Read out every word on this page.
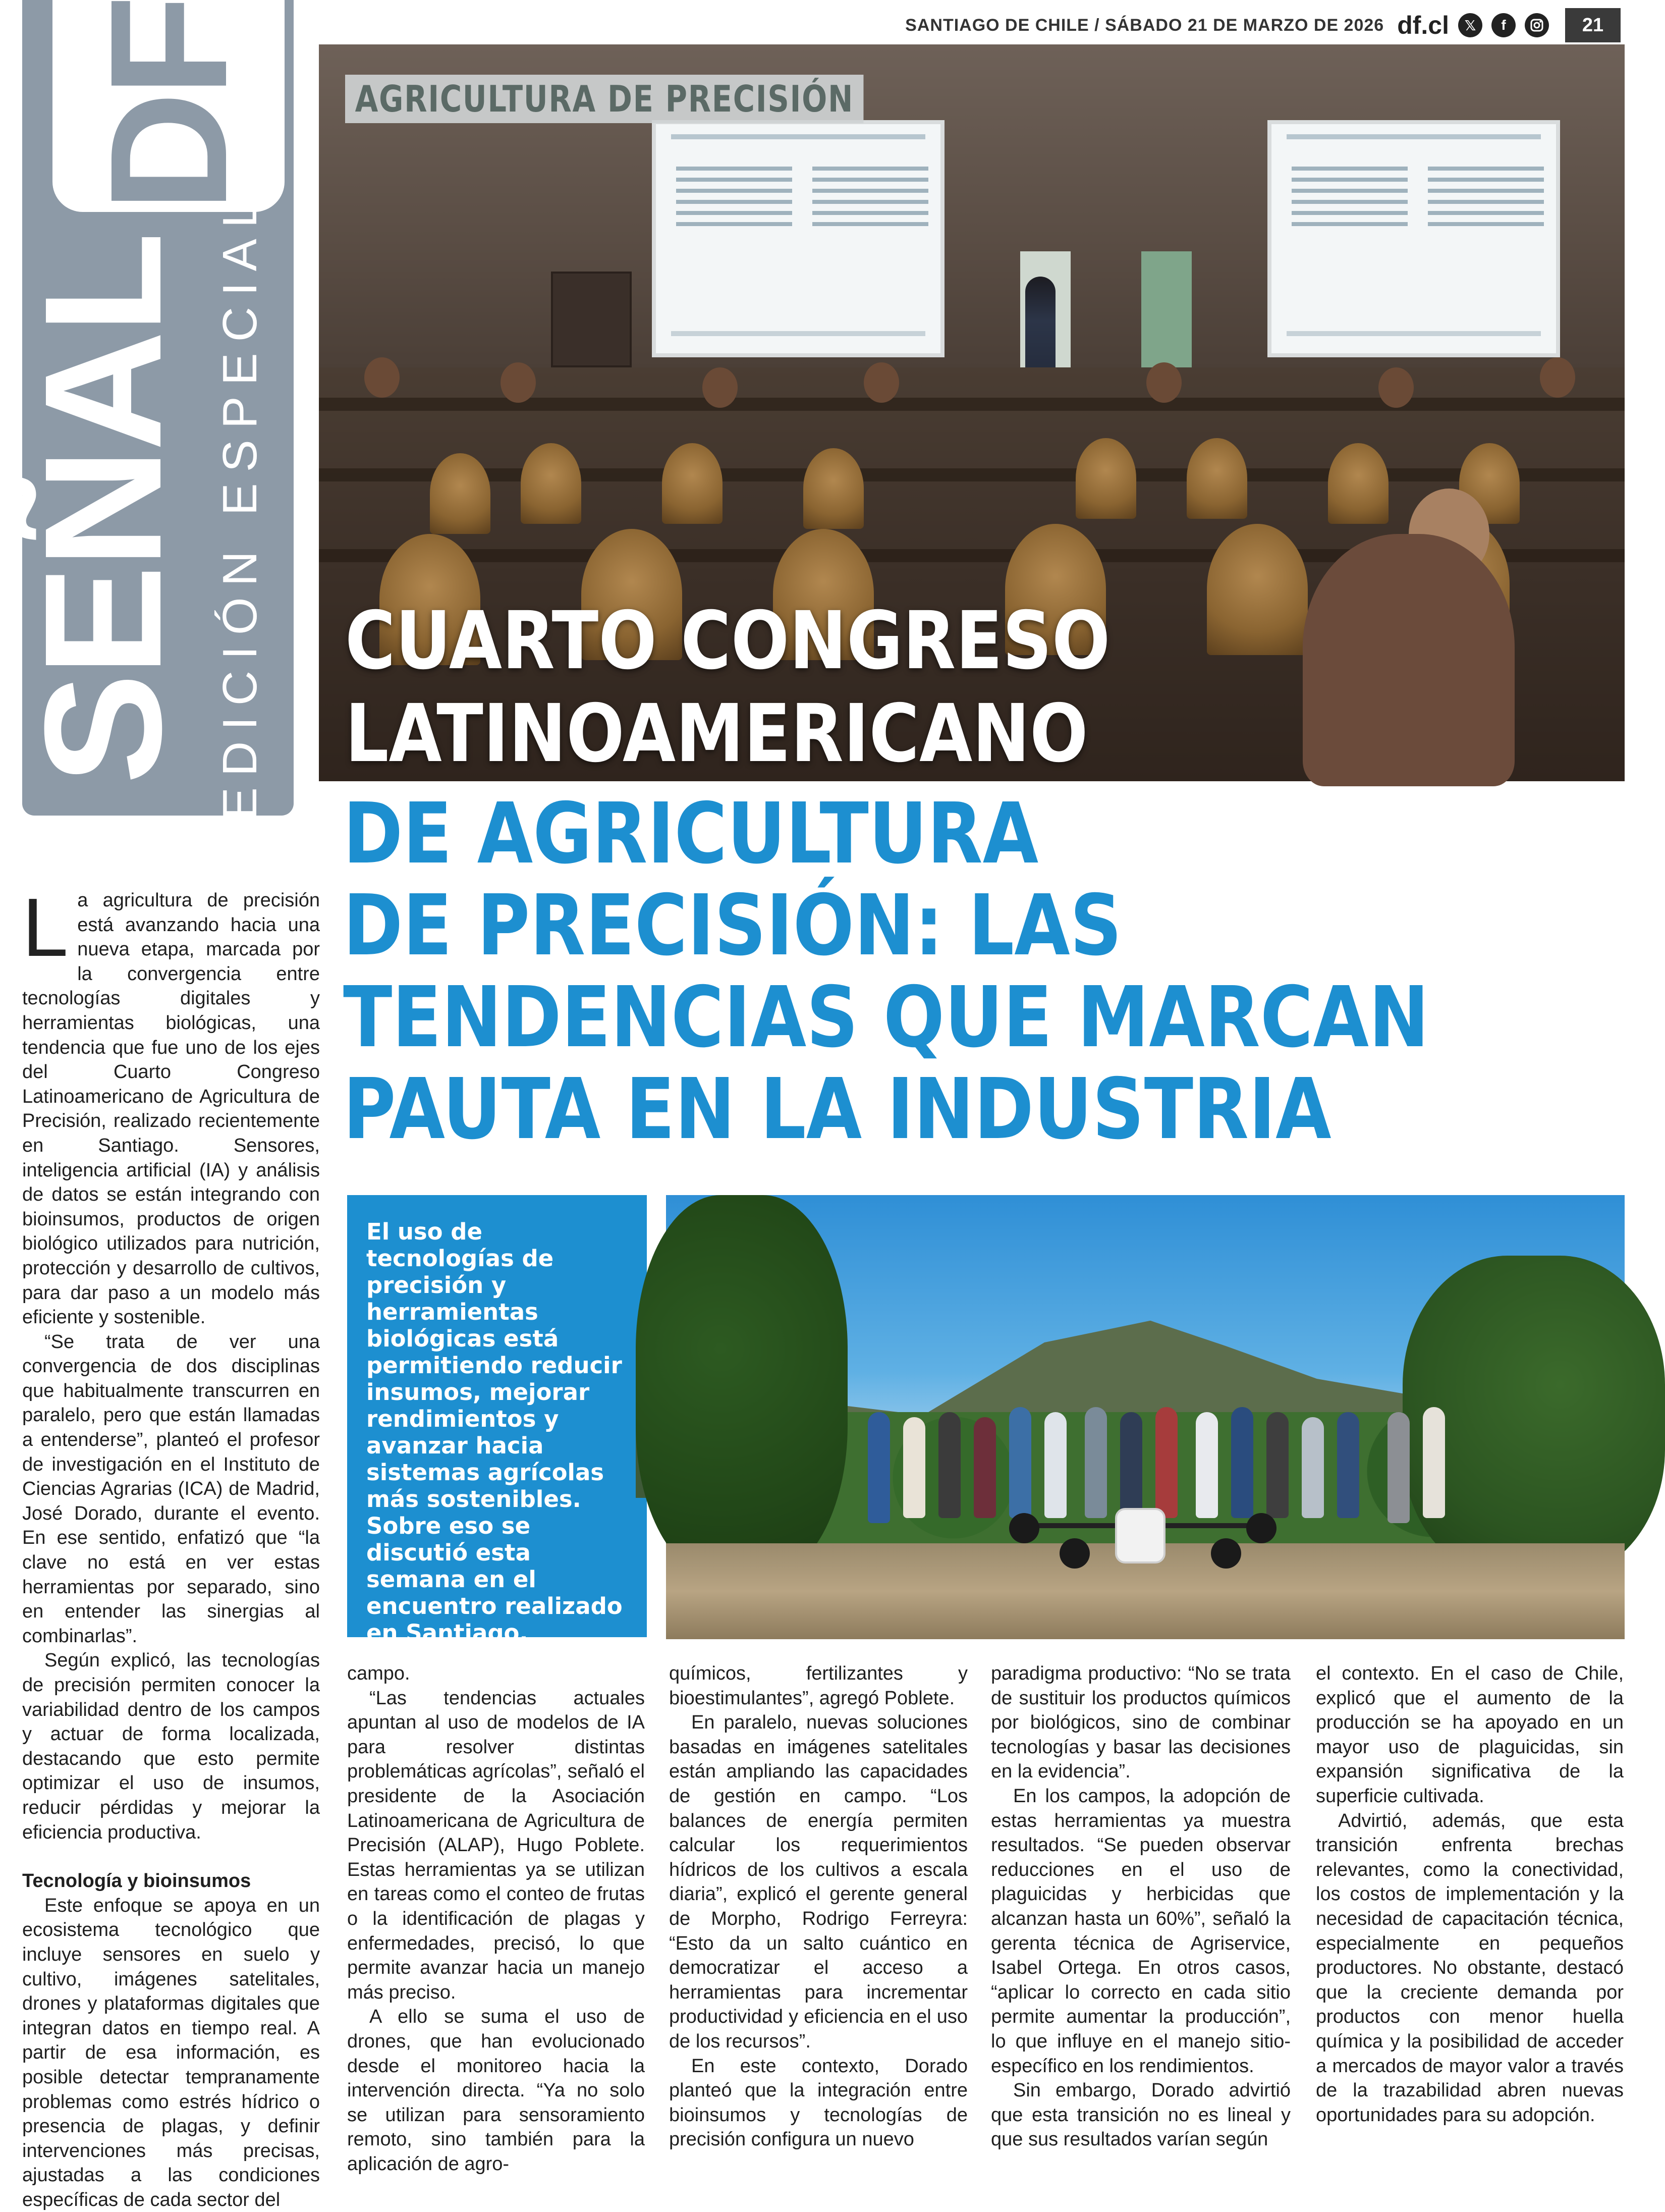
SANTIAGO DE CHILE / SÁBADO 21 DE MARZO DE 2026 df.cl	𝕏	f	21
DF
SEÑAL EDICIÓN ESPECIAL
AGRICULTURA DE PRECISIÓN
CUARTO CONGRESO
LATINOAMERICANO
DE AGRICULTURA
DE PRECISIÓN: LAS
TENDENCIAS QUE MARCAN
PAUTA EN LA INDUSTRIA
El uso de tecnologías de precisión y herramientas biológicas está permitiendo reducir insumos, mejorar rendimientos y avanzar hacia sistemas agrícolas más sostenibles. Sobre eso se discutió esta semana en el encuentro realizado en Santiago.
POR ANAÍS PERSSON

La agricultura de precisión está avanzando hacia una nueva etapa, marcada por la convergencia entre tecnologías digitales y herramientas biológicas, una tendencia que fue uno de los ejes del Cuarto Congreso Latinoamericano de Agricultura de Precisión, realizado recientemente en Santiago. Sensores, inteligencia artificial (IA) y análisis de datos se están integrando con bioinsumos, productos de origen biológico utilizados para nutrición, protección y desarrollo de cultivos, para dar paso a un modelo más eficiente y sostenible.

“Se trata de ver una convergencia de dos disciplinas que habitualmente transcurren en paralelo, pero que están llamadas a entenderse”, planteó el profesor de investigación en el Instituto de Ciencias Agrarias (ICA) de Madrid, José Dorado, durante el evento. En ese sentido, enfatizó que “la clave no está en ver estas herramientas por separado, sino en entender las sinergias al combinarlas”.

Según explicó, las tecnologías de precisión permiten conocer la variabilidad dentro de los campos y actuar de forma localizada, destacando que esto permite optimizar el uso de insumos, reducir pérdidas y mejorar la eficiencia productiva.

Tecnología y bioinsumos

Este enfoque se apoya en un ecosistema tecnológico que incluye sensores en suelo y cultivo, imágenes satelitales, drones y plataformas digitales que integran datos en tiempo real. A partir de esa información, es posible detectar tempranamente problemas como estrés hídrico o presencia de plagas, y definir intervenciones más precisas, ajustadas a las condiciones específicas de cada sector del

campo.

“Las tendencias actuales apuntan al uso de modelos de IA para resolver distintas problemáticas agrícolas”, señaló el presidente de la Asociación Latinoamericana de Agricultura de Precisión (ALAP), Hugo Poblete. Estas herramientas ya se utilizan en tareas como el conteo de frutas o la identificación de plagas y enfermedades, precisó, lo que permite avanzar hacia un manejo más preciso.

A ello se suma el uso de drones, que han evolucionado desde el monitoreo hacia la intervención directa. “Ya no solo se utilizan para sensoramiento remoto, sino también para la aplicación de agro-

químicos, fertilizantes y bioestimulantes”, agregó Poblete.

En paralelo, nuevas soluciones basadas en imágenes satelitales están ampliando las capacidades de gestión en campo. “Los balances de energía permiten calcular los requerimientos hídricos de los cultivos a escala diaria”, explicó el gerente general de Morpho, Rodrigo Ferreyra: “Esto da un salto cuántico en democratizar el acceso a herramientas para incrementar productividad y eficiencia en el uso de los recursos”.

En este contexto, Dorado planteó que la integración entre bioinsumos y tecnologías de precisión configura un nuevo

paradigma productivo: “No se trata de sustituir los productos químicos por biológicos, sino de combinar tecnologías y basar las decisiones en la evidencia”.

En los campos, la adopción de estas herramientas ya muestra resultados. “Se pueden observar reducciones en el uso de plaguicidas y herbicidas que alcanzan hasta un 60%”, señaló la gerenta técnica de Agriservice, Isabel Ortega. En otros casos, “aplicar lo correcto en cada sitio permite aumentar la producción”, lo que influye en el manejo sitio-específico en los rendimientos.

Sin embargo, Dorado advirtió que esta transición no es lineal y que sus resultados varían según

el contexto. En el caso de Chile, explicó que el aumento de la producción se ha apoyado en un mayor uso de plaguicidas, sin expansión significativa de la superficie cultivada.

Advirtió, además, que esta transición enfrenta brechas relevantes, como la conectividad, los costos de implementación y la necesidad de capacitación técnica, especialmente en pequeños productores. No obstante, destacó que la creciente demanda por productos con menor huella química y la posibilidad de acceder a mercados de mayor valor a través de la trazabilidad abren nuevas oportunidades para su adopción.
